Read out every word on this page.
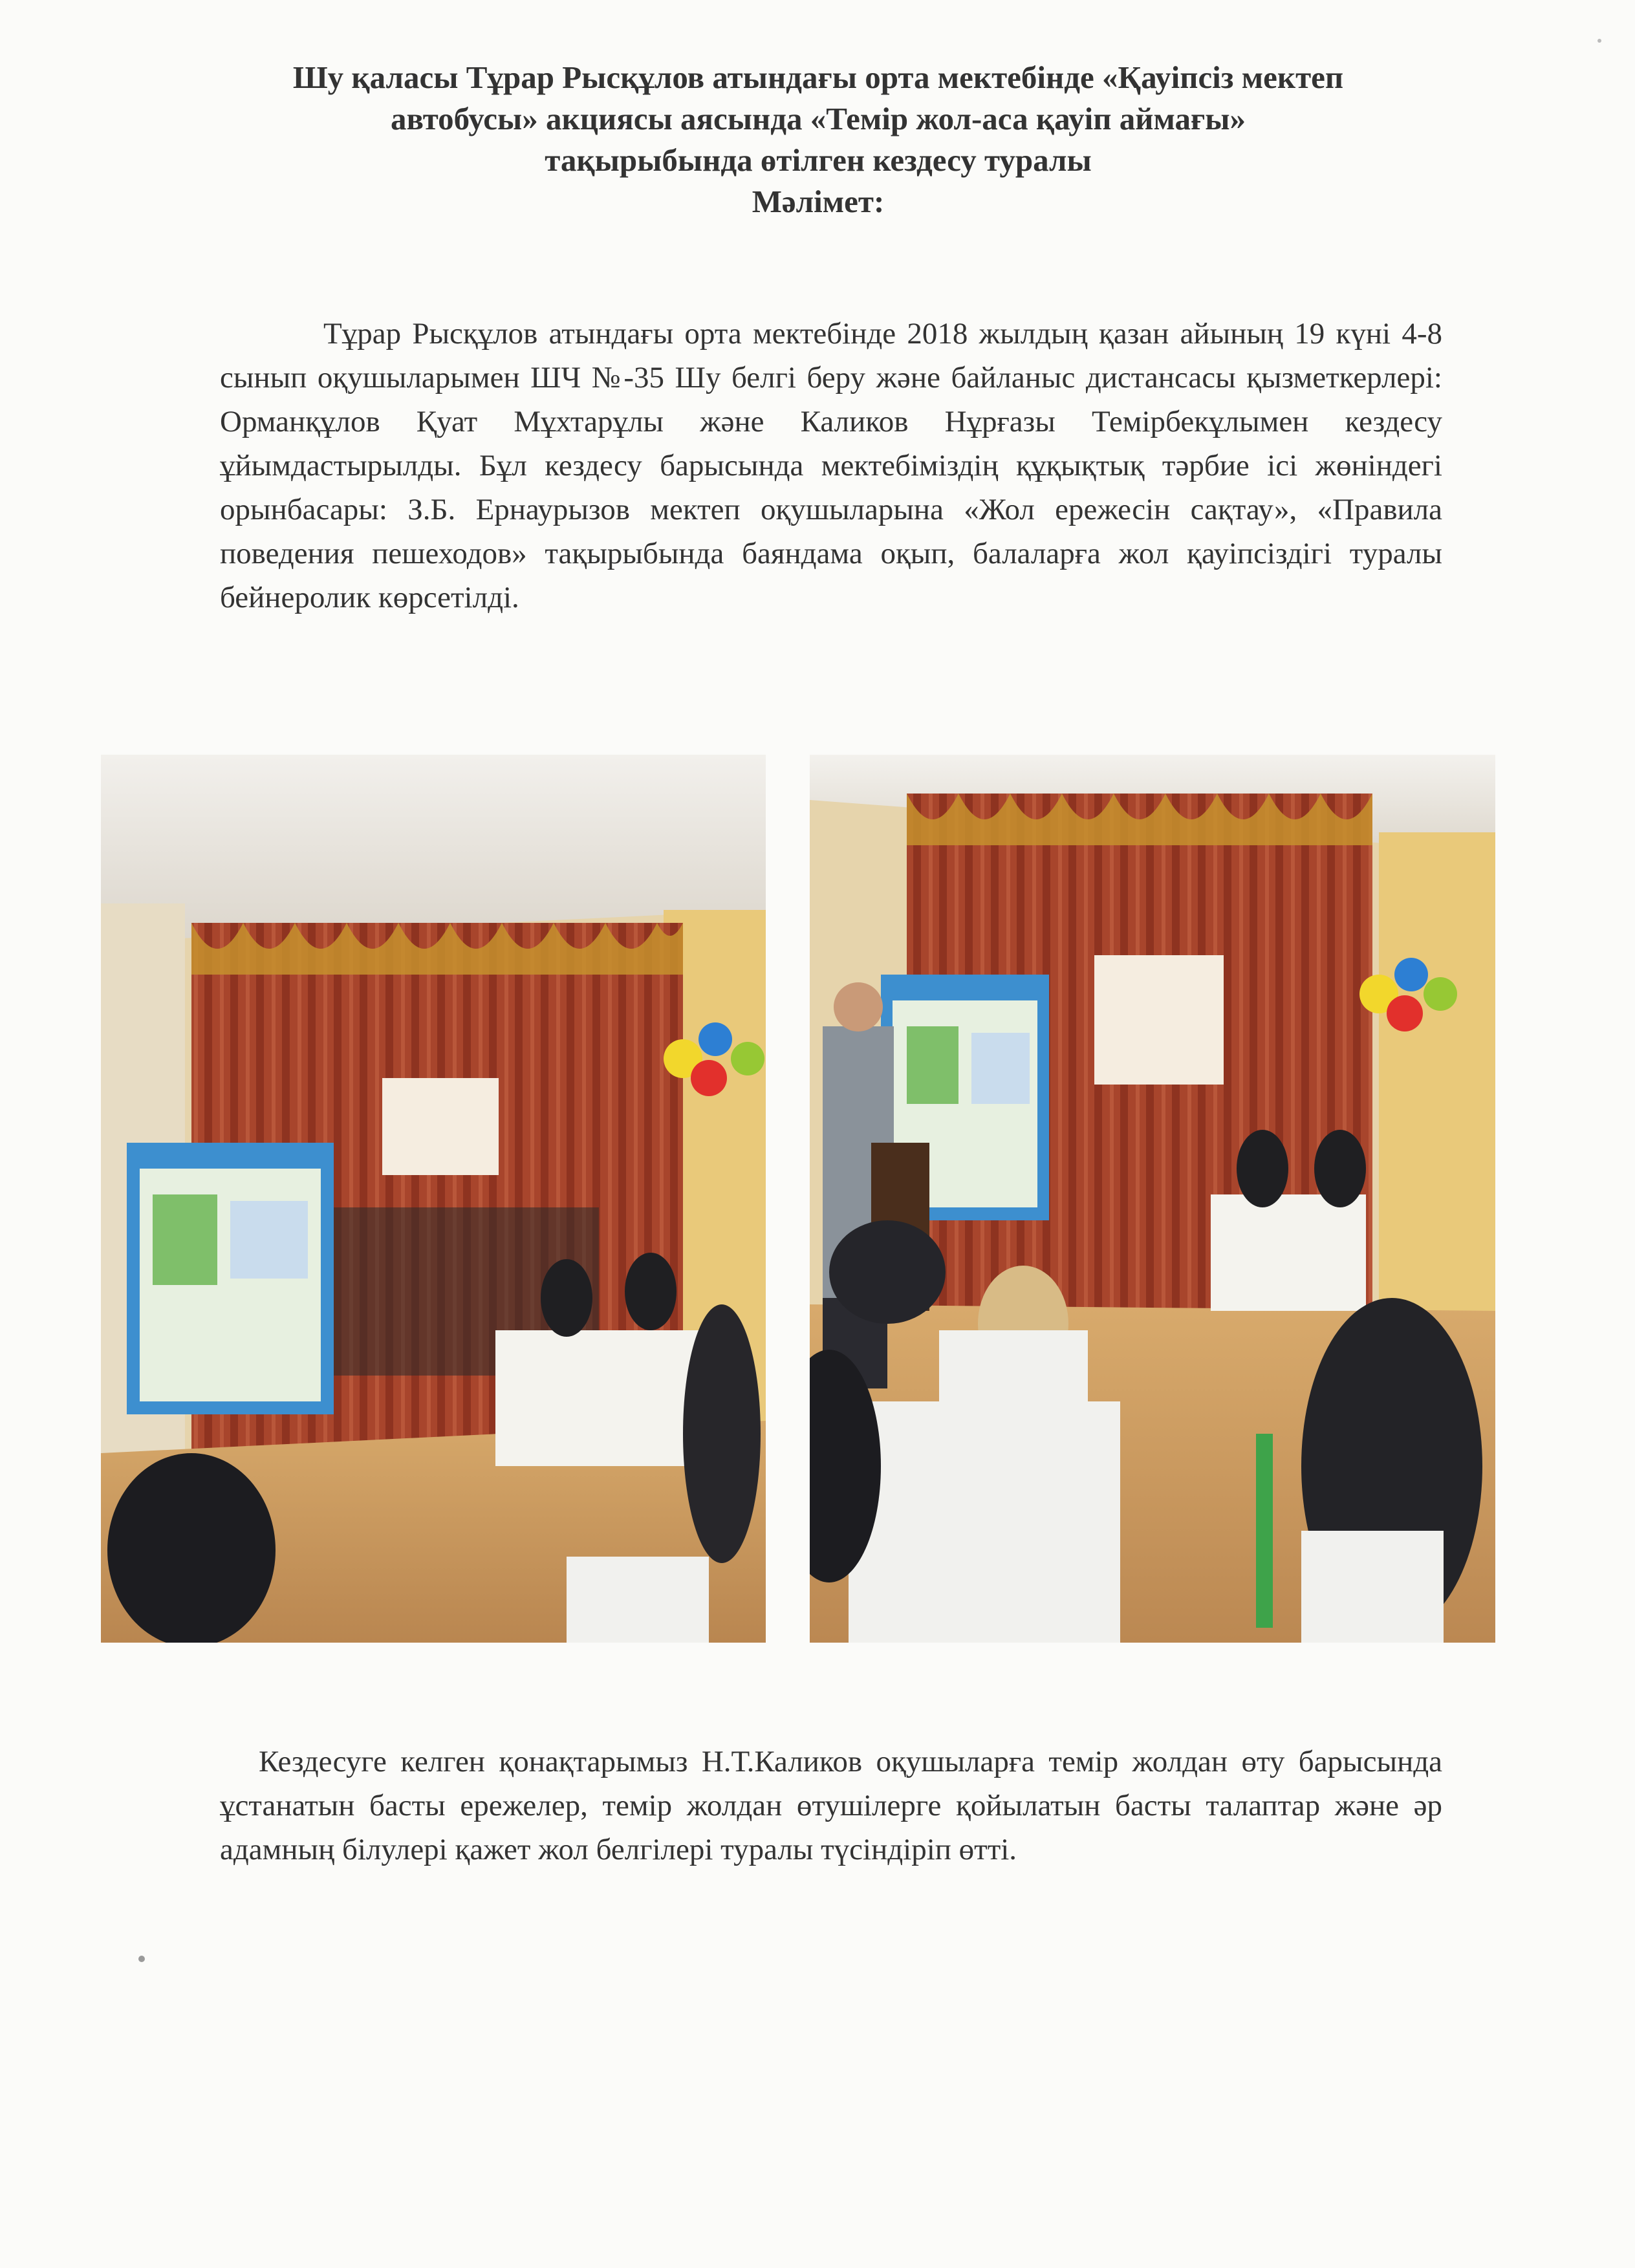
Шу қаласы Тұрар Рысқұлов атындағы орта мектебінде «Қауіпсіз мектеп
автобусы» акциясы аясында «Темір жол-аса қауіп аймағы»
тақырыбында өтілген кездесу туралы
Мәлімет:
Тұрар Рысқұлов атындағы орта мектебінде 2018 жылдың қазан айының 19 күні 4-8 сынып оқушыларымен ШЧ №-35 Шу белгі беру және байланыс дистансасы қызметкерлері: Орманқұлов Қуат Мұхтарұлы және Каликов Нұрғазы Темірбекұлымен кездесу ұйымдастырылды. Бұл кездесу барысында мектебіміздің құқықтық тәрбие ісі жөніндегі орынбасары: З.Б. Ернаурызов мектеп оқушыларына «Жол ережесін сақтау», «Правила поведения пешеходов» тақырыбында баяндама оқып, балаларға жол қауіпсіздігі туралы бейнеролик көрсетілді.
Кездесуге келген қонақтарымыз Н.Т.Каликов оқушыларға темір жолдан өту барысында ұстанатын басты ережелер, темір жолдан өтушілерге қойылатын басты талаптар және әр адамның білулері қажет жол белгілері туралы түсіндіріп өтті.
